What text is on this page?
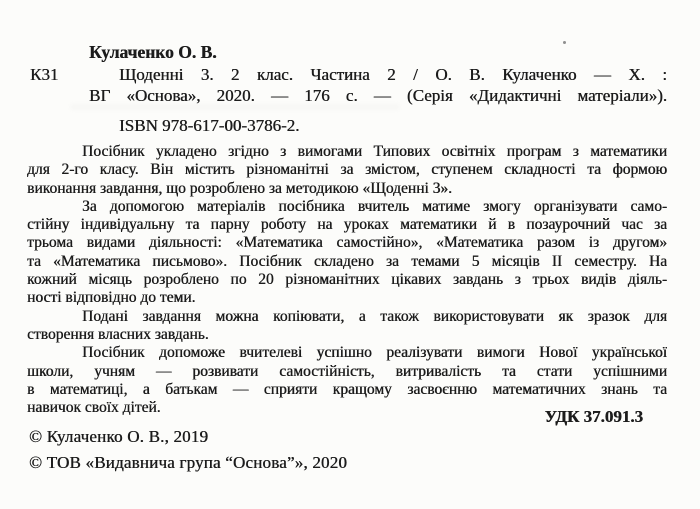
Кулаченко О. В.
К31	Щоденні 3. 2 клас. Частина 2 / О. В. Кулаченко — Х. :
ВГ «Основа», 2020. — 176 с. — (Серія «Дидактичні матеріали»).
ISBN 978-617-00-3786-2.
Посібник укладено згідно з вимогами Типових освітніх програм з математики
для 2-го класу. Він містить різноманітні за змістом, ступенем складності та формою
виконання завдання, що розроблено за методикою «Щоденні 3».
За допомогою матеріалів посібника вчитель матиме змогу організувати само-
стійну індивідуальну та парну роботу на уроках математики й в позаурочний час за
трьома видами діяльності: «Математика самостійно», «Математика разом із другом»
та «Математика письмово». Посібник складено за темами 5 місяців ІІ семестру. На
кожний місяць розроблено по 20 різноманітних цікавих завдань з трьох видів діяль-
ності відповідно до теми.
Подані завдання можна копіювати, а також використовувати як зразок для
створення власних завдань.
Посібник допоможе вчителеві успішно реалізувати вимоги Нової української
школи, учням — розвивати самостійність, витривалість та стати успішними
в математиці, а батькам — сприяти кращому засвоєнню математичних знань та
навичок своїх дітей.	УДК 37.091.3
© Кулаченко О. В., 2019
© ТОВ «Видавнича група “Основа”», 2020
